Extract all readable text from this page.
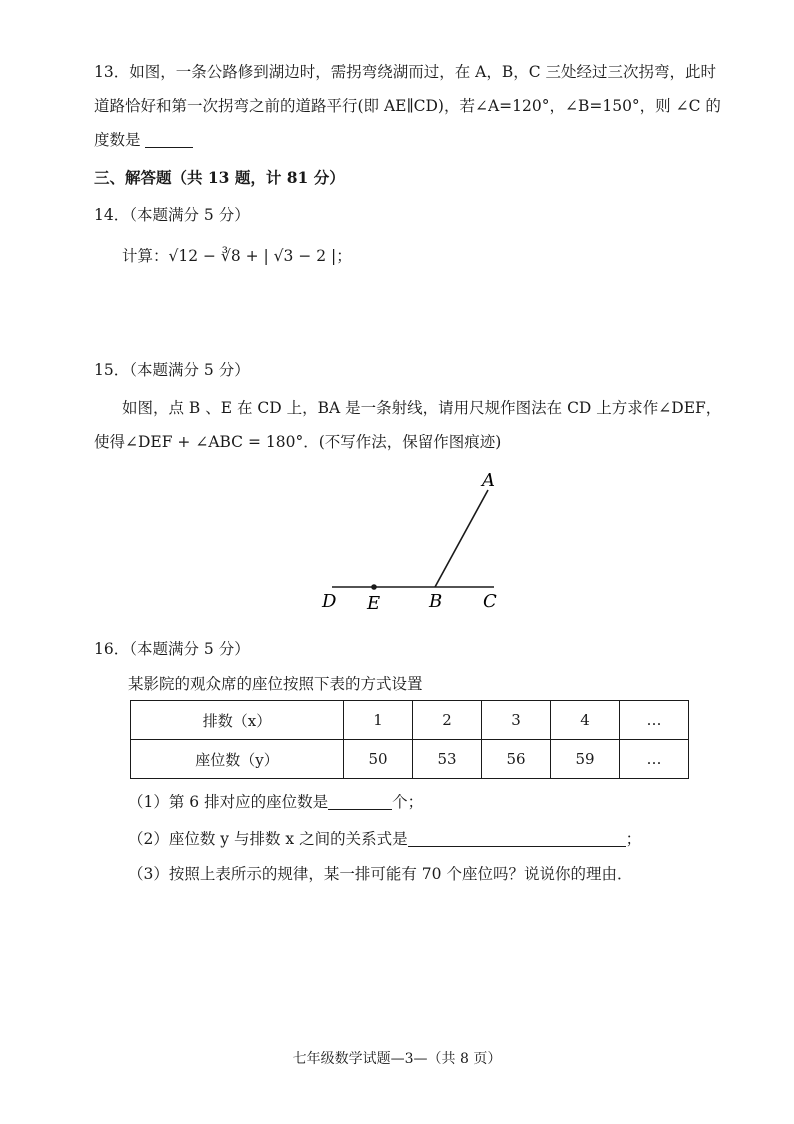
13．如图，一条公路修到湖边时，需拐弯绕湖而过，在 A，B，C 三处经过三次拐弯，此时
道路恰好和第一次拐弯之前的道路平行(即 AE∥CD)，若∠A=120°，∠B=150°，则 ∠C 的
度数是
三、解答题（共 13 题，计 81 分）
14．（本题满分 5 分）
计算：√12 − ∛8 + | √3 − 2 |；
15．（本题满分 5 分）
如图，点 B 、E 在 CD 上，BA 是一条射线，请用尺规作图法在 CD 上方求作∠DEF，
使得∠DEF + ∠ABC = 180°．(不写作法，保留作图痕迹)
A
D E	B C
16．（本题满分 5 分）
某影院的观众席的座位按照下表的方式设置
排数（x）	1	2	3	4	…
座位数（y）	50	53	56	59	…
（1）第 6 排对应的座位数是	个；
（2）座位数 y 与排数 x 之间的关系式是	；
（3）按照上表所示的规律，某一排可能有 70 个座位吗？说说你的理由．
七年级数学试题—3—（共 8 页）
